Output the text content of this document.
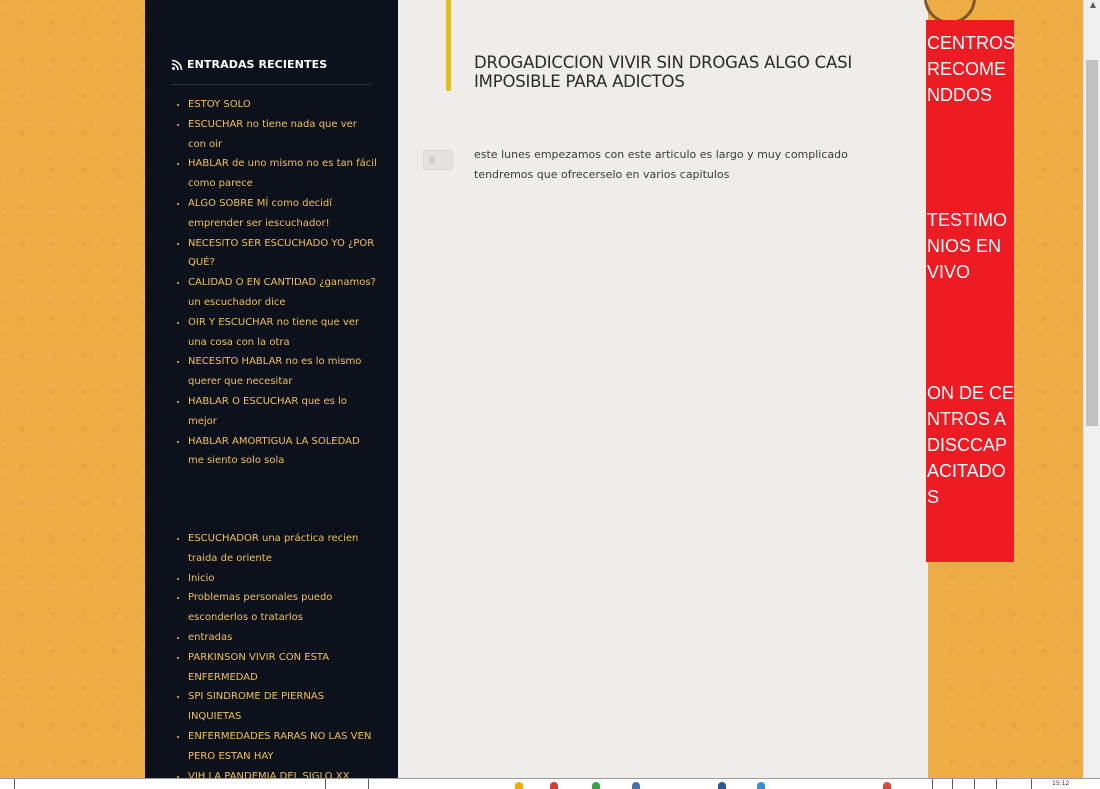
ENTRADAS RECIENTES
• ESTOY SOLO
• ESCUCHAR no tiene nada que ver con oir
• HABLAR de uno mismo no es tan fácil como parece
• ALGO SOBRE MÍ como decidí emprender ser iescuchador!
• NECESITO SER ESCUCHADO YO ¿POR QUÉ?
• CALIDAD O EN CANTIDAD ¿ganamos? un escuchador dice
• OIR Y ESCUCHAR no tiene que ver una cosa con la otra
• NECESITO HABLAR no es lo mismo querer que necesitar
• HABLAR O ESCUCHAR que es lo mejor
• HABLAR AMORTIGUA LA SOLEDAD me siento solo sola
• ESCUCHADOR una práctica recien traida de oriente
• Inicio
• Problemas personales puedo esconderlos o tratarlos
• entradas
• PARKINSON VIVIR CON ESTA ENFERMEDAD
• SPI SINDROME DE PIERNAS INQUIETAS
• ENFERMEDADES RARAS NO LAS VEN PERO ESTAN HAY
• VIH LA PANDEMIA DEL SIGLO XX
DROGADICCION VIVIR SIN DROGAS ALGO CASI IMPOSIBLE PARA ADICTOS

este lunes empezamos con este articulo es largo y muy complicado tendremos que ofrecerselo en varios capitulos

CENTROS RECOMENDDOS
TESTIMONIOS EN VIVO
ON DE CENTROS A DISCCAPACITADOS
▲
15:12
